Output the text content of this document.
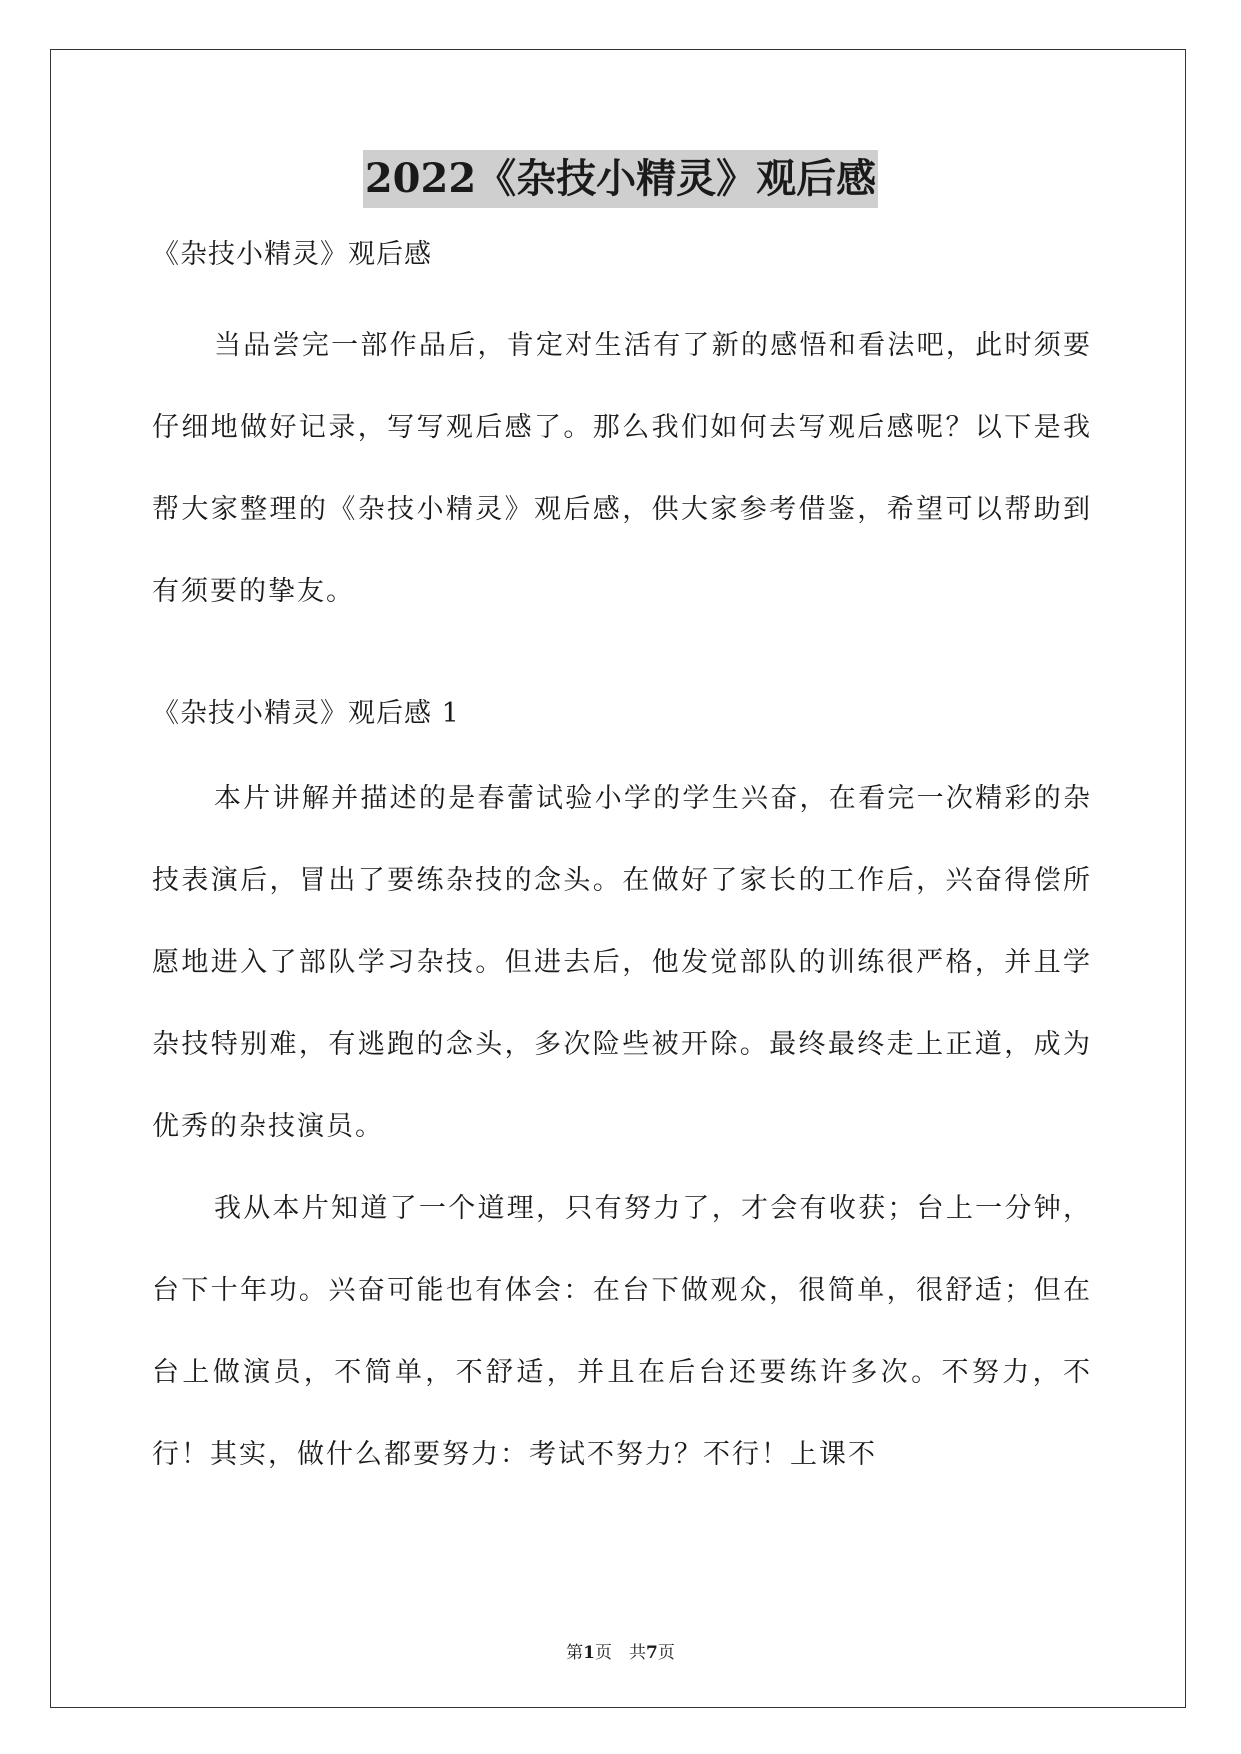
2022《杂技小精灵》观后感

《杂技小精灵》观后感

当品尝完一部作品后，肯定对生活有了新的感悟和看法吧，此时须要仔细地做好记录，写写观后感了。那么我们如何去写观后感呢？以下是我帮大家整理的《杂技小精灵》观后感，供大家参考借鉴，希望可以帮助到有须要的挚友。

《杂技小精灵》观后感 1

本片讲解并描述的是春蕾试验小学的学生兴奋，在看完一次精彩的杂技表演后，冒出了要练杂技的念头。在做好了家长的工作后，兴奋得偿所愿地进入了部队学习杂技。但进去后，他发觉部队的训练很严格，并且学杂技特别难，有逃跑的念头，多次险些被开除。最终最终走上正道，成为优秀的杂技演员。

我从本片知道了一个道理，只有努力了，才会有收获；台上一分钟，台下十年功。兴奋可能也有体会：在台下做观众，很简单，很舒适；但在台上做演员，不简单，不舒适，并且在后台还要练许多次。不努力，不行！其实，做什么都要努力：考试不努力？不行！上课不

第1页　共7页
